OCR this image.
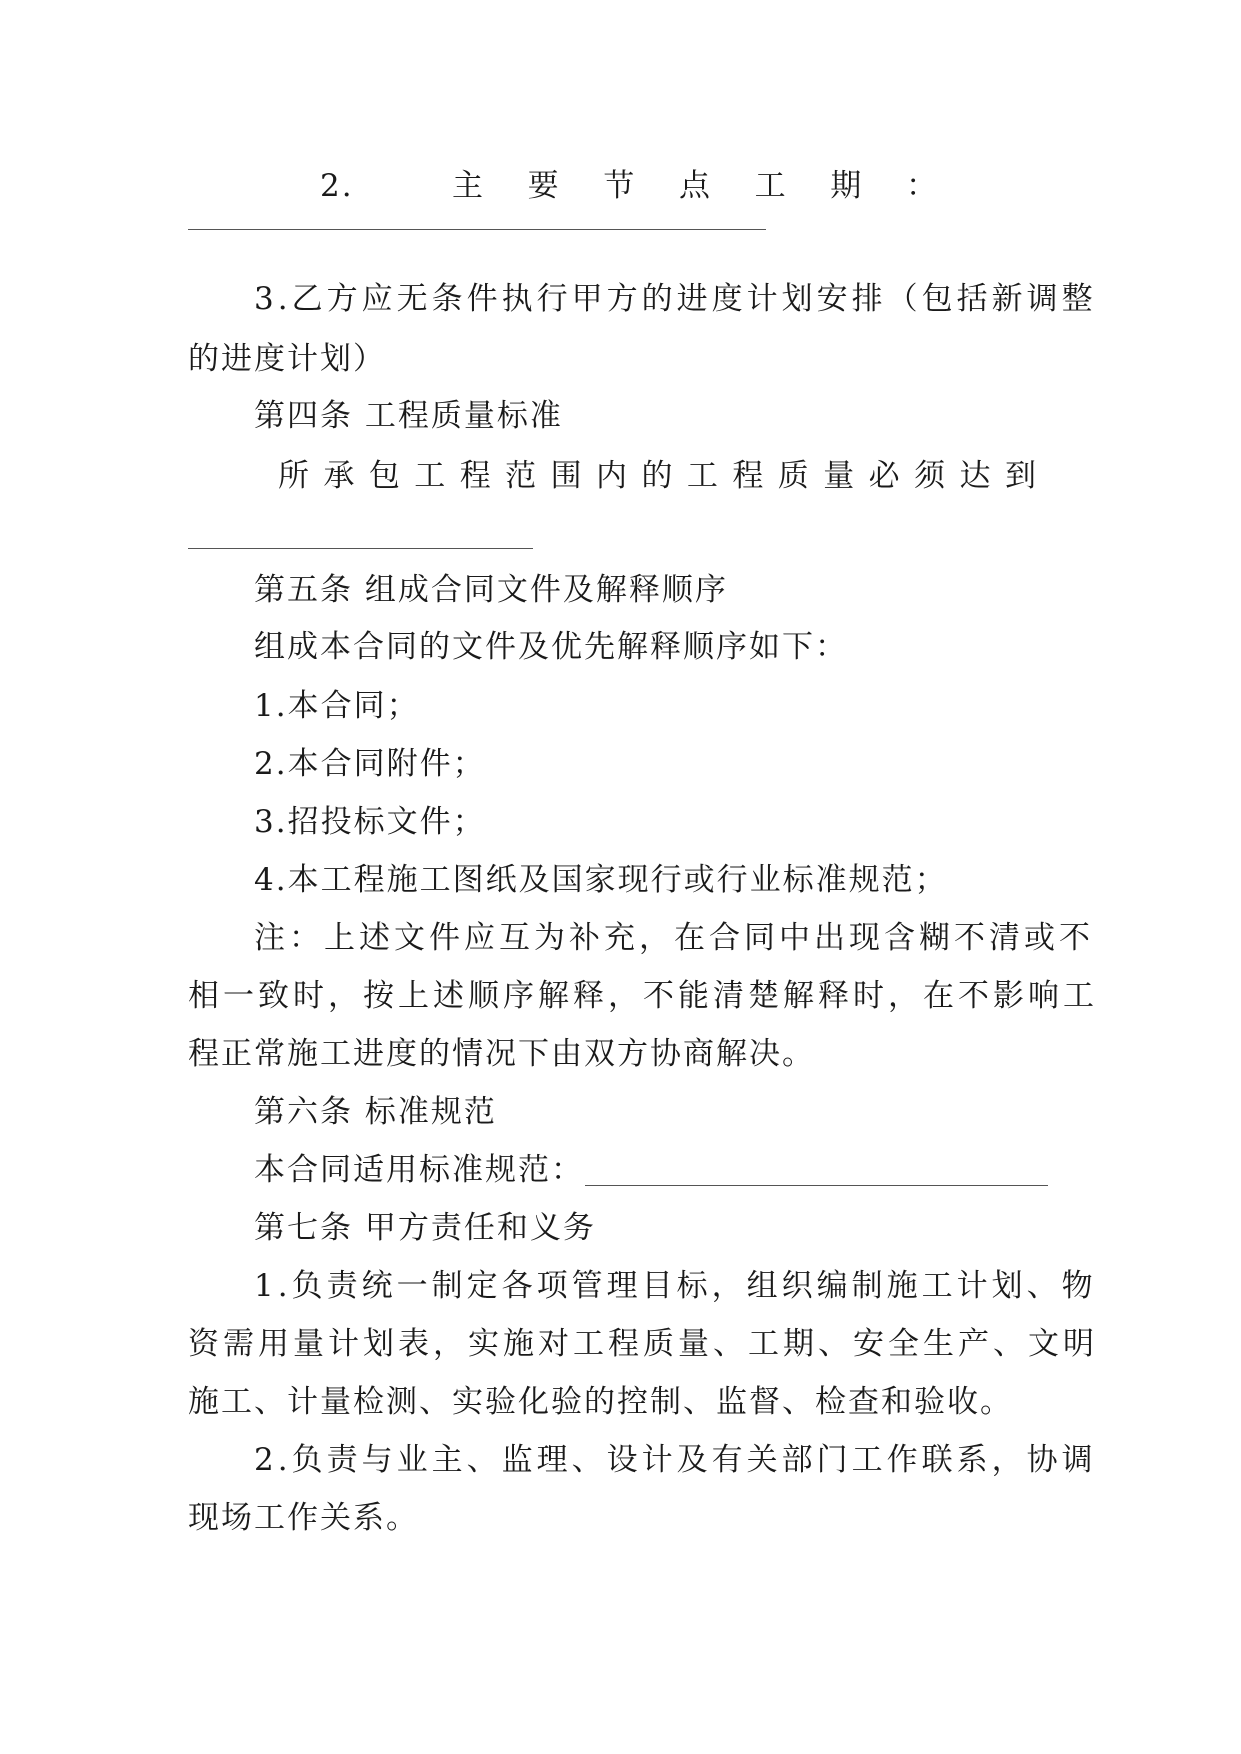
2.	主 要 节 点 工 期 ：
3.乙方应无条件执行甲方的进度计划安排（包括新调整
的进度计划）
第四条 工程质量标准
所承包工程范围内的工程质量必须达到
第五条 组成合同文件及解释顺序
组成本合同的文件及优先解释顺序如下：
1.本合同；
2.本合同附件；
3.招投标文件；
4.本工程施工图纸及国家现行或行业标准规范；
注：上述文件应互为补充，在合同中出现含糊不清或不
相一致时，按上述顺序解释，不能清楚解释时，在不影响工
程正常施工进度的情况下由双方协商解决。
第六条 标准规范
本合同适用标准规范：
第七条 甲方责任和义务
1.负责统一制定各项管理目标，组织编制施工计划、物
资需用量计划表，实施对工程质量、工期、安全生产、文明
施工、计量检测、实验化验的控制、监督、检查和验收。
2.负责与业主、监理、设计及有关部门工作联系，协调
现场工作关系。
